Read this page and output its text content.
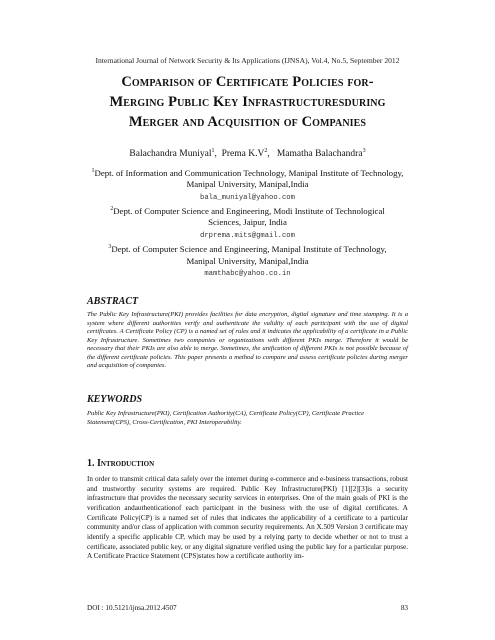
International Journal of Network Security & Its Applications (IJNSA), Vol.4, No.5, September 2012
Comparison of Certificate Policies for-
Merging Public Key Infrastructuresduring
Merger and Acquisition of Companies
Balachandra Muniyal$^1$,  Prema $K.V^2$,   Mamatha Balachandra$^3$
$^1$Dept. of Information and Communication Technology, Manipal Institute of Technology,
Manipal University, Manipal,India
bala_muniyal@yahoo.com
$^2$Dept. of Computer Science and Engineering, Modi Institute of Technological
Sciences, Jaipur, India
drprema.mits@gmail.com
$^3$Dept. of Computer Science and Engineering, Manipal Institute of Technology,
Manipal University, Manipal,India
mamthabc@yahoo.co.in
ABSTRACT
The Public Key Infrastructure(PKI) provides facilities for data encryption, digital signature and time stamping. It is a system where different authorities verify and authenticate the validity of each participant with the use of digital certificates. A Certificate Policy (CP) is a named set of rules and it indicates the applicability of a certificate in a Public Key Infrastructure. Sometimes two companies or organizations with different PKIs merge. Therefore it would be necessary that their PKIs are also able to merge. Sometimes, the unification of different PKIs is not possible because of the different certificate policies. This paper presents a method to compare and assess certificate policies during merger and acquisition of companies.
KEYWORDS
Public Key Infrastructure(PKI), Certification Authority(CA), Certificate Policy(CP), Certificate Practice Statement(CPS), Cross-Certification, PKI Interoperability.
1. Introduction
In order to transmit critical data safely over the internet during e-commerce and e-business transactions, robust and trustworthy security systems are required. Public Key Infrastructure(PKI) [1][2][3]is a security infrastructure that provides the necessary security services in enterprises. One of the main goals of PKI is the verification andauthenticationof each participant in the business with the use of digital certificates. A Certificate Policy(CP) is a named set of rules that indicates the applicability of a certificate to a particular community and/or class of application with common security requirements. An X.509 Version 3 certificate may identify a specific applicable CP, which may be used by a relying party to decide whether or not to trust a certificate, associated public key, or any digital signature verified using the public key for a particular purpose. A Certificate Practice Statement (CPS)states how a certificate authority im-
DOI : 10.5121/ijnsa.2012.4507	83
